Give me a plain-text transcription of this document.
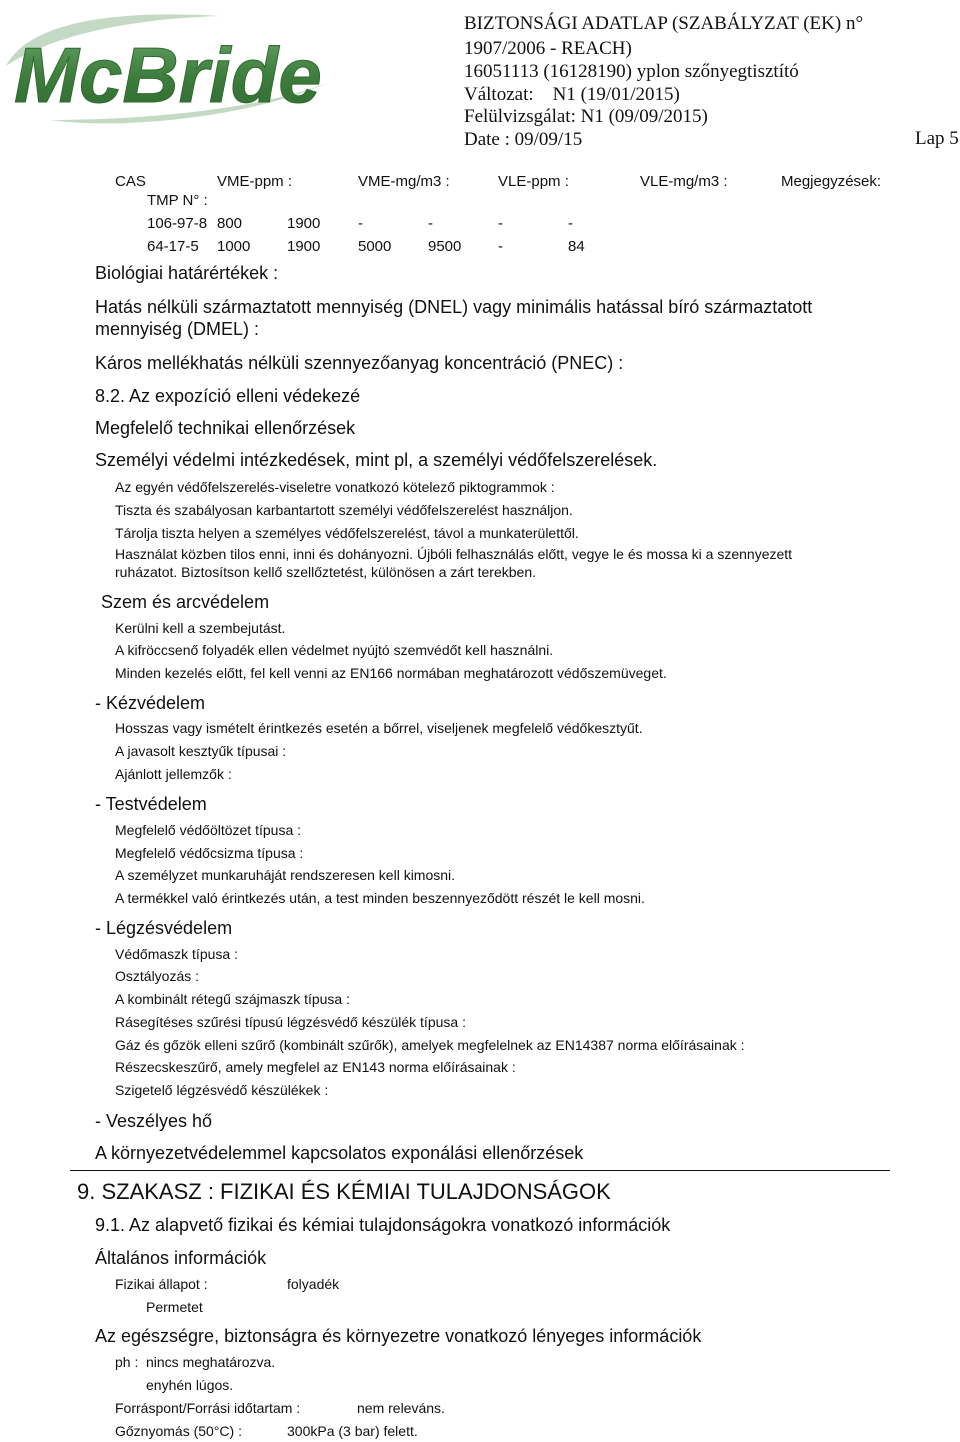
McBride
BIZTONSÁGI ADATLAP (SZABÁLYZAT (EK) n°
1907/2006 - REACH)
16051113 (16128190) yplon szőnyegtisztító
Változat:    N1 (19/01/2015)
Felülvizsgálat: N1 (09/09/2015)
Date : 09/09/15	Lap 5
CAS	VME-ppm :	VME-mg/m3 :	VLE-ppm :	VLE-mg/m3 :	Megjegyzések:
TMP N° :
106-97-8 800	1900	-	-	-	-
64-17-5 1000 1900	5000 9500 -	84
Biológiai határértékek :
Hatás nélküli származtatott mennyiség (DNEL) vagy minimális hatással bíró származtatott
mennyiség (DMEL) :
Káros mellékhatás nélküli szennyezőanyag koncentráció (PNEC) :
8.2. Az expozíció elleni védekezé
Megfelelő technikai ellenőrzések
Személyi védelmi intézkedések, mint pl, a személyi védőfelszerelések.
Az egyén védőfelszerelés-viseletre vonatkozó kötelező piktogrammok :
Tiszta és szabályosan karbantartott személyi védőfelszerelést használjon.
Tárolja tiszta helyen a személyes védőfelszerelést, távol a munkaterülettől.
Használat közben tilos enni, inni és dohányozni. Újbóli felhasználás előtt, vegye le és mossa ki a szennyezett
ruházatot. Biztosítson kellő szellőztetést, különösen a zárt terekben.
Szem és arcvédelem
Kerülni kell a szembejutást.
A kifröccsenő folyadék ellen védelmet nyújtó szemvédőt kell használni.
Minden kezelés előtt, fel kell venni az EN166 normában meghatározott védőszemüveget.
- Kézvédelem
Hosszas vagy ismételt érintkezés esetén a bőrrel, viseljenek megfelelő védőkesztyűt.
A javasolt kesztyűk típusai :
Ajánlott jellemzők :
- Testvédelem
Megfelelő védőöltözet típusa :
Megfelelő védőcsizma típusa :
A személyzet munkaruháját rendszeresen kell kimosni.
A termékkel való érintkezés után, a test minden beszennyeződött részét le kell mosni.
- Légzésvédelem
Védőmaszk típusa :
Osztályozás :
A kombinált rétegű szájmaszk típusa :
Rásegítéses szűrési típusú légzésvédő készülék típusa :
Gáz és gőzök elleni szűrő (kombinált szűrők), amelyek megfelelnek az EN14387 norma előírásainak :
Részecskeszűrő, amely megfelel az EN143 norma előírásainak :
Szigetelő légzésvédő készülékek :
- Veszélyes hő
A környezetvédelemmel kapcsolatos exponálási ellenőrzések
9. SZAKASZ : FIZIKAI ÉS KÉMIAI TULAJDONSÁGOK
9.1. Az alapvető fizikai és kémiai tulajdonságokra vonatkozó információk
Általános információk
Fizikai állapot :	folyadék
Permetet
Az egészségre, biztonságra és környezetre vonatkozó lényeges információk
ph : nincs meghatározva.
enyhén lúgos.
Forráspont/Forrási időtartam :	nem releváns.
Gőznyomás (50°C) :	300kPa (3 bar) felett.
